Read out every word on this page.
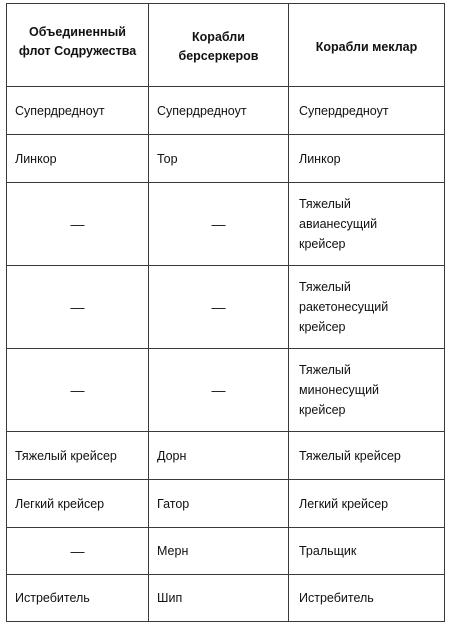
Объединенный флот Содружества	Корабли берсеркеров	Корабли меклар
Супердредноут	Супердредноут	Супердредноут
Линкор	Тор	Линкор
—	—	Тяжелый авианесущий крейсер
—	—	Тяжелый ракетонесущий крейсер
—	—	Тяжелый минонесущий крейсер
Тяжелый крейсер	Дорн	Тяжелый крейсер
Легкий крейсер	Гатор	Легкий крейсер
—	Мерн	Тральщик
Истребитель	Шип	Истребитель
